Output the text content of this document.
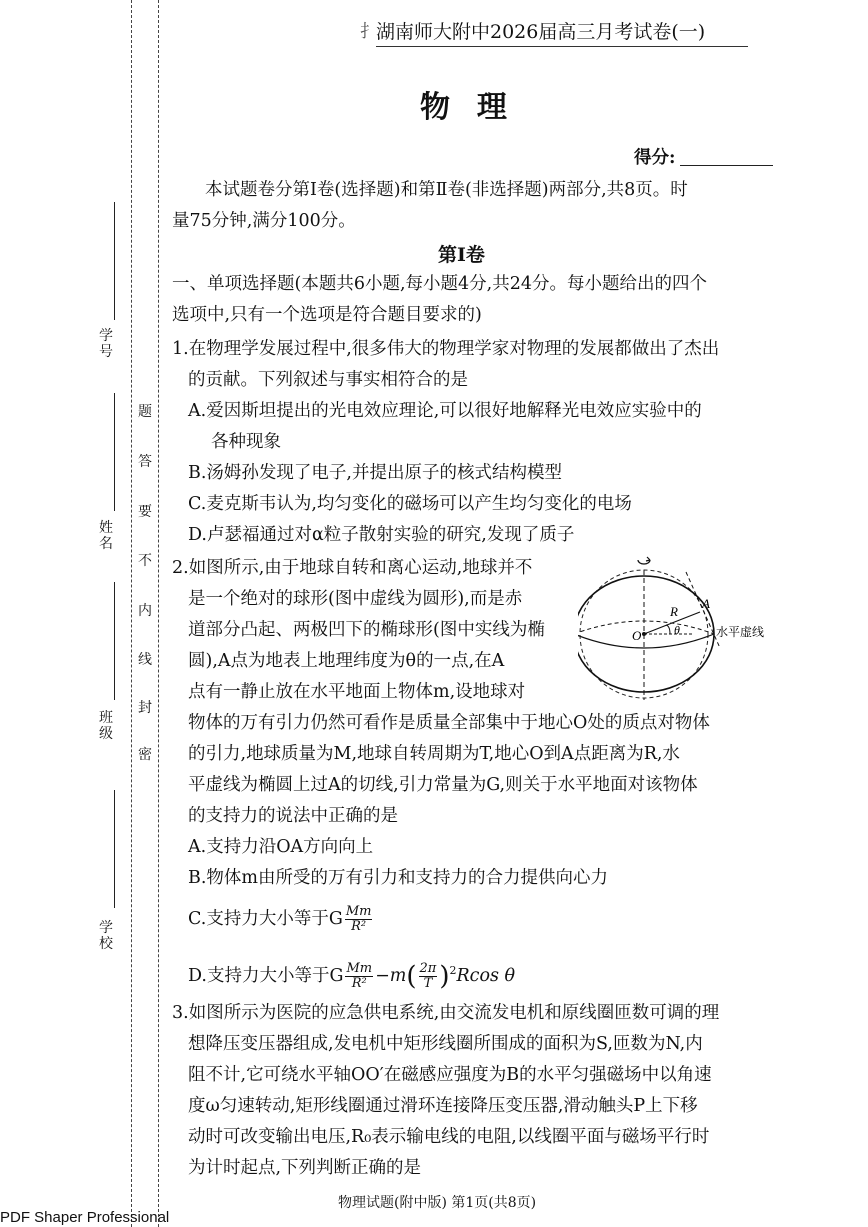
题
答
要
不
内
线
封
密
学号
姓名
班级
学校
扌
湖南师大附中2026届高三月考试卷(一)
物  理
得分:
本试题卷分第Ⅰ卷(选择题)和第Ⅱ卷(非选择题)两部分,共8页。时
量75分钟,满分100分。
第Ⅰ卷
一、单项选择题(本题共6小题,每小题4分,共24分。每小题给出的四个
选项中,只有一个选项是符合题目要求的)
1.在物理学发展过程中,很多伟大的物理学家对物理的发展都做出了杰出
的贡献。下列叙述与事实相符合的是
A.爱因斯坦提出的光电效应理论,可以很好地解释光电效应实验中的
各种现象
B.汤姆孙发现了电子,并提出原子的核式结构模型
C.麦克斯韦认为,均匀变化的磁场可以产生均匀变化的电场
D.卢瑟福通过对α粒子散射实验的研究,发现了质子
2.如图所示,由于地球自转和离心运动,地球并不
是一个绝对的球形(图中虚线为圆形),而是赤
道部分凸起、两极凹下的椭球形(图中实线为椭
圆),A点为地表上地理纬度为θ的一点,在A
点有一静止放在水平地面上物体m,设地球对
物体的万有引力仍然可看作是质量全部集中于地心O处的质点对物体
的引力,地球质量为M,地球自转周期为T,地心O到A点距离为R,水
平虚线为椭圆上过A的切线,引力常量为G,则关于水平地面对该物体
的支持力的说法中正确的是
R
A
O	θ	水平虚线
A.支持力沿OA方向向上
B.物体m由所受的万有引力和支持力的合力提供向心力
C.支持力大小等于G $\frac{Mm}{\text{R²}}$
D.支持力大小等于G $\frac{Mm}{\text{R²}} -m( \frac{2\pi}{T} )^2Rcos$ θ
3.如图所示为医院的应急供电系统,由交流发电机和原线圈匝数可调的理
想降压变压器组成,发电机中矩形线圈所围成的面积为S,匝数为N,内
阻不计,它可绕水平轴OO′在磁感应强度为B的水平匀强磁场中以角速
度ω匀速转动,矩形线圈通过滑环连接降压变压器,滑动触头P上下移
动时可改变输出电压,R₀表示输电线的电阻,以线圈平面与磁场平行时
为计时起点,下列判断正确的是
物理试题(附中版) 第1页(共8页)
PDF Shaper Professional
